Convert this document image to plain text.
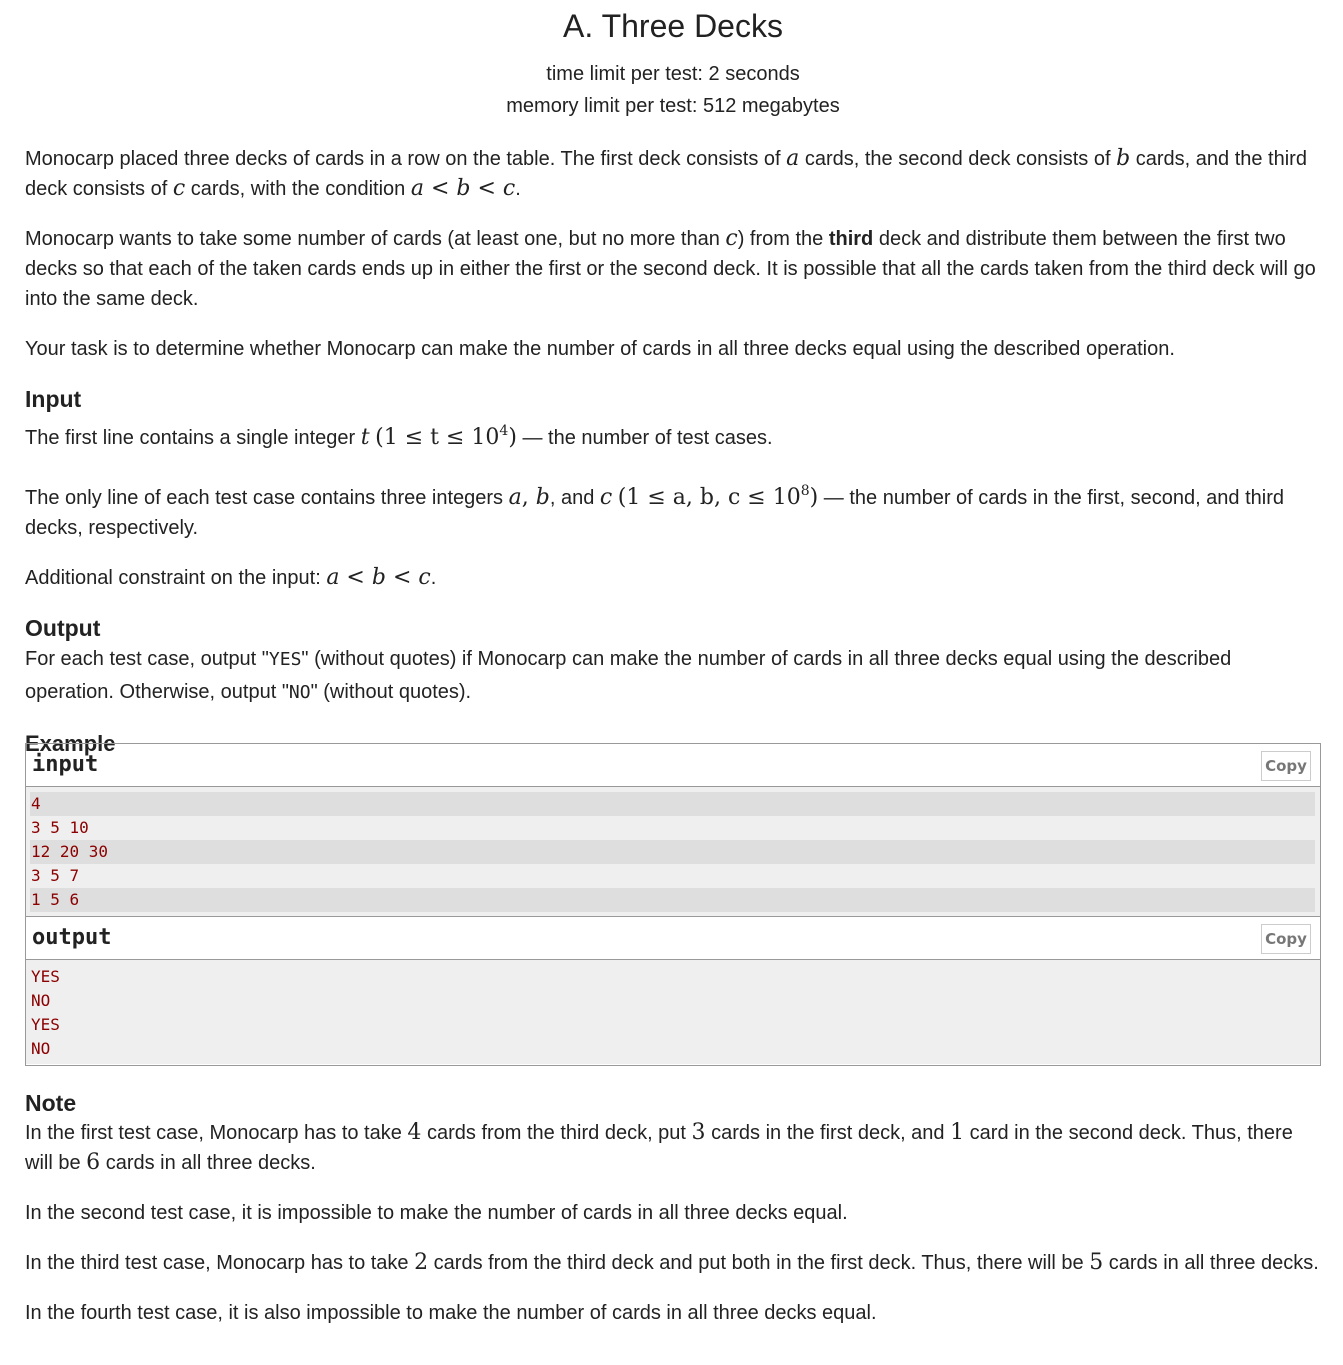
A. Three Decks
time limit per test: 2 seconds
memory limit per test: 512 megabytes

Monocarp placed three decks of cards in a row on the table. The first deck consists of a cards, the second deck consists of b cards, and the third deck consists of c cards, with the condition a < b < c.

Monocarp wants to take some number of cards (at least one, but no more than c) from the third deck and distribute them between the first two decks so that each of the taken cards ends up in either the first or the second deck. It is possible that all the cards taken from the third deck will go into the same deck.

Your task is to determine whether Monocarp can make the number of cards in all three decks equal using the described operation.

Input

The first line contains a single integer t $(1 \le t \le 10^4)$ — the number of test cases.

The only line of each test case contains three integers a, b, and c (1 ≤ a, b, $c \le 10^8$) — the number of cards in the first, second, and third decks, respectively.

Additional constraint on the input: a < b < c.

Output

For each test case, output "YES" (without quotes) if Monocarp can make the number of cards in all three decks equal using the described operation. Otherwise, output "NO" (without quotes).

Example
input	Copy
4
3 5 10
12 20 30
3 5 7
1 5 6
output	Copy
YES
NO
YES
NO
Note

In the first test case, Monocarp has to take 4 cards from the third deck, put 3 cards in the first deck, and 1 card in the second deck. Thus, there will be 6 cards in all three decks.

In the second test case, it is impossible to make the number of cards in all three decks equal.

In the third test case, Monocarp has to take 2 cards from the third deck and put both in the first deck. Thus, there will be 5 cards in all three decks.

In the fourth test case, it is also impossible to make the number of cards in all three decks equal.
